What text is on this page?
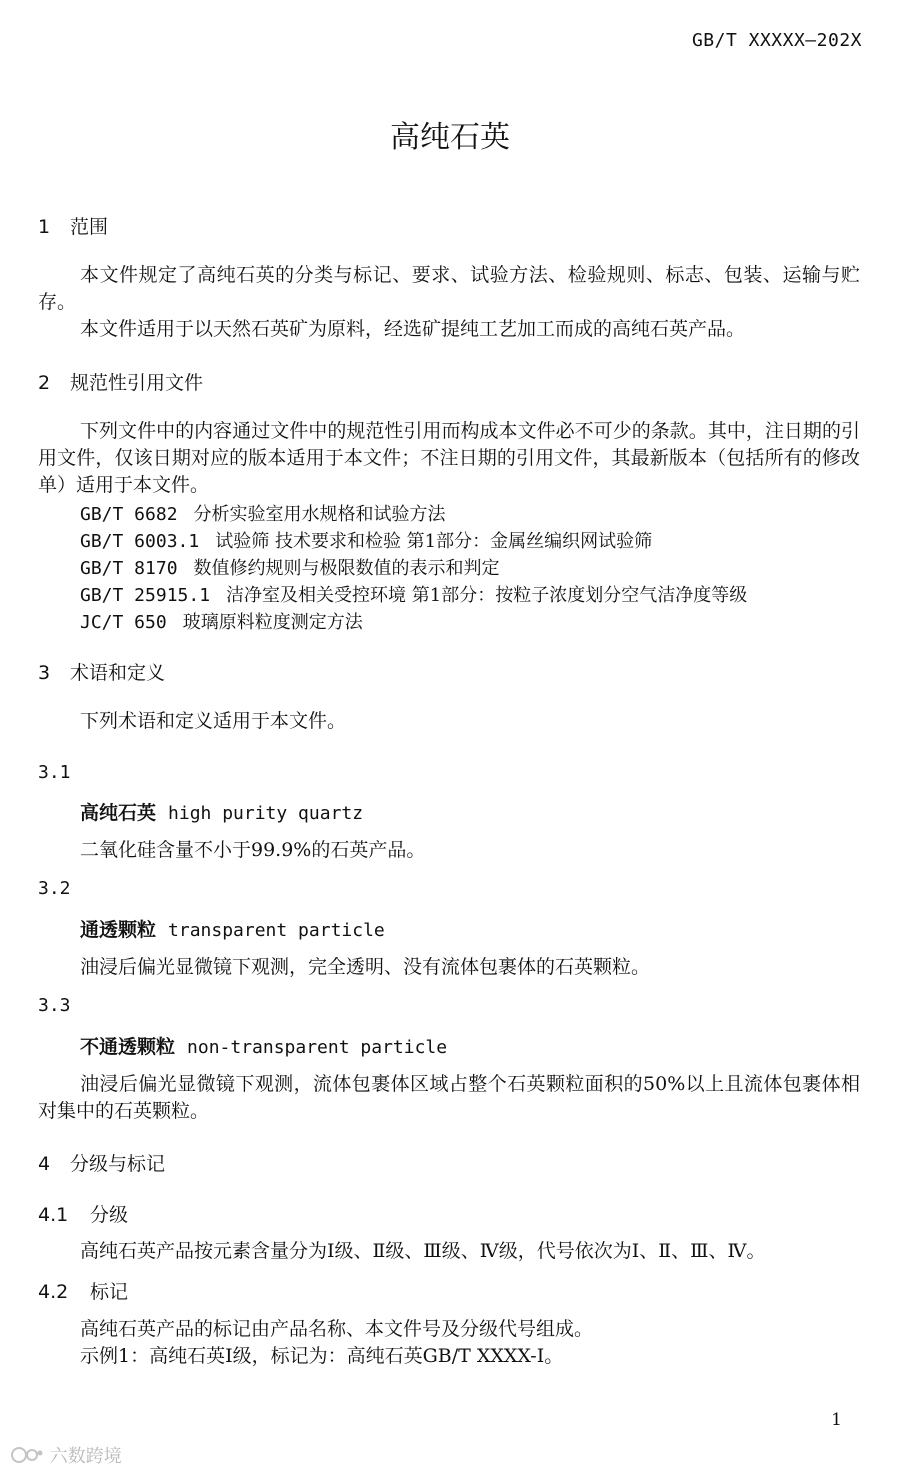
GB/T XXXXX—202X
高纯石英
1 范围

本文件规定了高纯石英的分类与标记、要求、试验方法、检验规则、标志、包装、运输与贮存。

本文件适用于以天然石英矿为原料，经选矿提纯工艺加工而成的高纯石英产品。

2 规范性引用文件

下列文件中的内容通过文件中的规范性引用而构成本文件必不可少的条款。其中，注日期的引用文件，仅该日期对应的版本适用于本文件；不注日期的引用文件，其最新版本（包括所有的修改单）适用于本文件。

GB/T 6682 分析实验室用水规格和试验方法
GB/T 6003.1 试验筛 技术要求和检验 第1部分：金属丝编织网试验筛
GB/T 8170 数值修约规则与极限数值的表示和判定
GB/T 25915.1 洁净室及相关受控环境 第1部分：按粒子浓度划分空气洁净度等级
JC/T 650 玻璃原料粒度测定方法
3 术语和定义

下列术语和定义适用于本文件。

3.1
高纯石英 high purity quartz

二氧化硅含量不小于99.9%的石英产品。

3.2
通透颗粒 transparent particle

油浸后偏光显微镜下观测，完全透明、没有流体包裹体的石英颗粒。

3.3
不通透颗粒 non-transparent particle

油浸后偏光显微镜下观测，流体包裹体区域占整个石英颗粒面积的50%以上且流体包裹体相对集中的石英颗粒。

4 分级与标记
4.1 分级

高纯石英产品按元素含量分为Ⅰ级、Ⅱ级、Ⅲ级、Ⅳ级，代号依次为Ⅰ、Ⅱ、Ⅲ、Ⅳ。

4.2 标记

高纯石英产品的标记由产品名称、本文件号及分级代号组成。

示例1：高纯石英Ⅰ级，标记为：高纯石英GB/T XXXX-Ⅰ。

1
六数跨境
